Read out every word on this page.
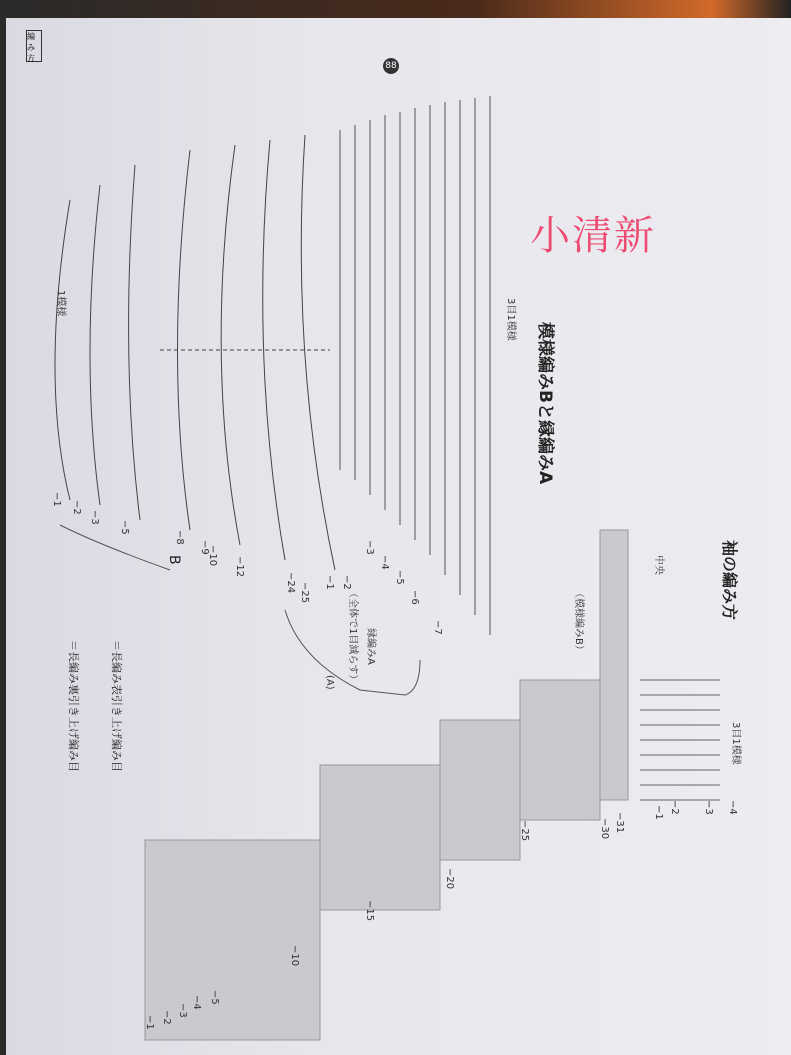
小清新
模様編みBと縁編みA
袖の編み方
中央
（模様編みB）
縁編みA
(A)
3目1模様
3目1模様
1模様
（全体で1目減らす）
B
＝長編み表引き上げ編み目
＝長編み裏引き上げ編み目
編み方
88
−7
−6
−5
−4
−3
−2
−1
−25
−24
−12
−10
−9
−8
−5
−3
−2
−1
−4
−3
−2
−1
−31
−30
−25
−20
−15
−10
−5
−4
−3
−2
−1
